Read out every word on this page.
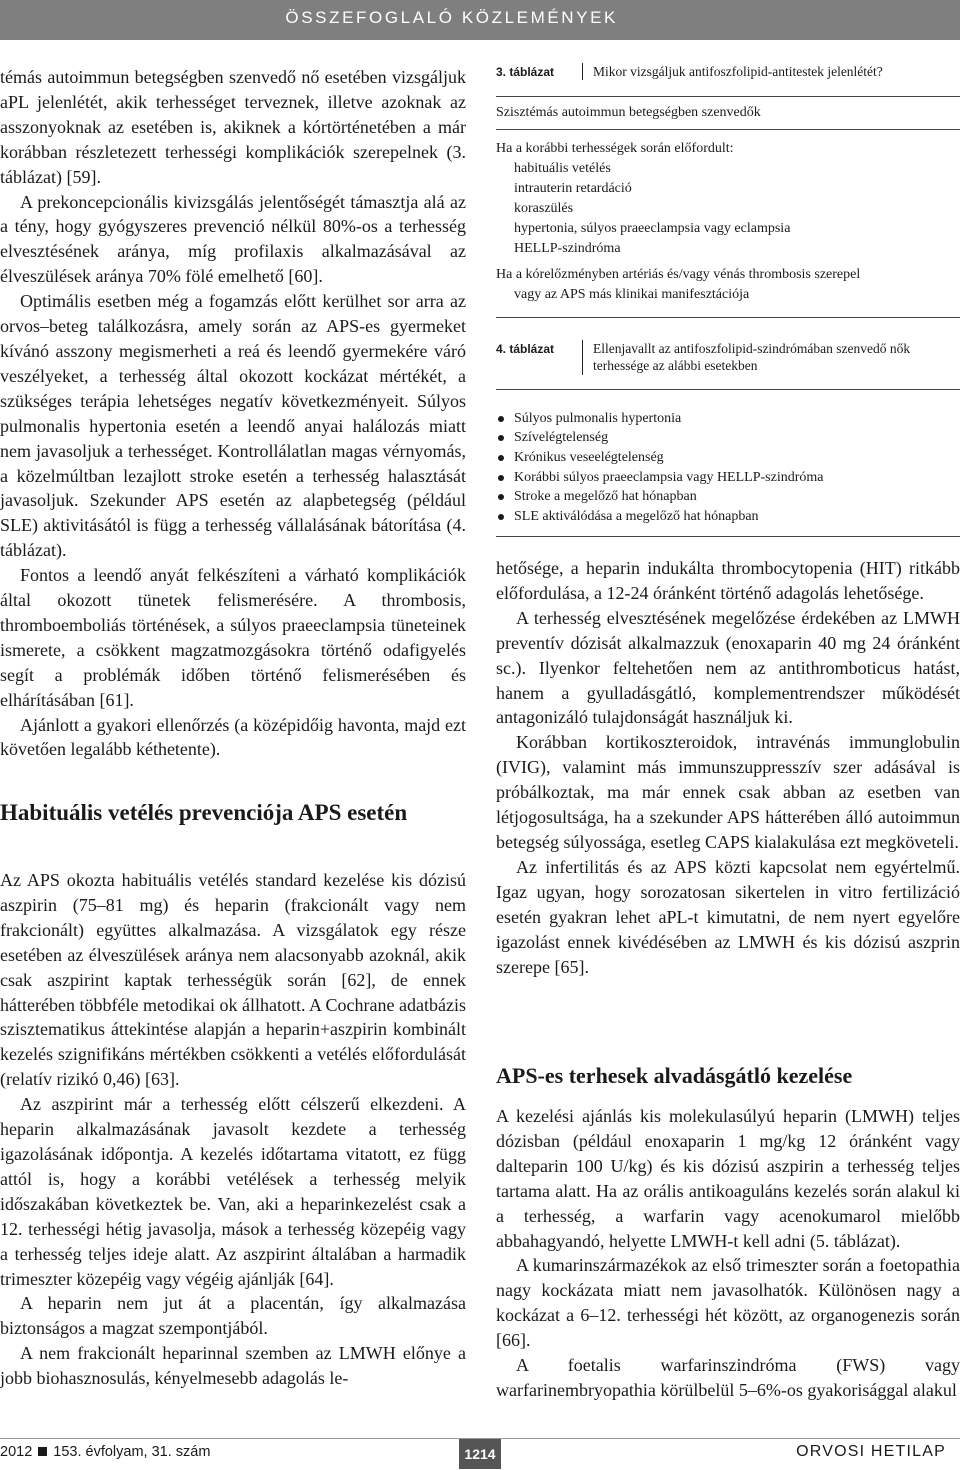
ÖSSZEFOGLALÓ KÖZLEMÉNYEK

témás autoimmun betegségben szenvedő nő esetében vizsgáljuk aPL jelenlétét, akik terhességet terveznek, illetve azoknak az asszonyoknak az esetében is, akiknek a kórtörténetében a már korábban részletezett terhességi komplikációk szerepelnek (3. táblázat) [59].

A prekoncepcionális kivizsgálás jelentőségét támasztja alá az a tény, hogy gyógyszeres prevenció nélkül 80%-os a terhesség elvesztésének aránya, míg profilaxis alkalmazásával az élveszülések aránya 70% fölé emelhető [60].

Optimális esetben még a fogamzás előtt kerülhet sor arra az orvos–beteg találkozásra, amely során az APS-es gyermeket kívánó asszony megismerheti a reá és leendő gyermekére váró veszélyeket, a terhesség által okozott kockázat mértékét, a szükséges terápia lehetséges negatív következményeit. Súlyos pulmonalis hypertonia esetén a leendő anyai halálozás miatt nem javasoljuk a terhességet. Kontrollálatlan magas vérnyomás, a közelmúltban lezajlott stroke esetén a terhesség halasztását javasoljuk. Szekunder APS esetén az alapbetegség (például SLE) aktivitásától is függ a terhesség vállalásának bátorítása (4. táblázat).

Fontos a leendő anyát felkészíteni a várható komplikációk által okozott tünetek felismerésére. A thrombosis, thromboemboliás történések, a súlyos praeeclampsia tüneteinek ismerete, a csökkent magzatmozgásokra történő odafigyelés segít a problémák időben történő felismerésében és elhárításában [61].

Ajánlott a gyakori ellenőrzés (a középidőig havonta, majd ezt követően legalább kéthetente).

Habituális vetélés prevenciója APS esetén

Az APS okozta habituális vetélés standard kezelése kis dózisú aszpirin (75–81 mg) és heparin (frakcionált vagy nem frakcionált) együttes alkalmazása. A vizsgálatok egy része esetében az élveszülések aránya nem alacsonyabb azoknál, akik csak aszpirint kaptak terhességük során [62], de ennek hátterében többféle metodikai ok állhatott. A Cochrane adatbázis szisztematikus áttekintése alapján a heparin+aszpirin kombinált kezelés szignifikáns mértékben csökkenti a vetélés előfordulását (relatív rizikó 0,46) [63].

Az aszpirint már a terhesség előtt célszerű elkezdeni. A heparin alkalmazásának javasolt kezdete a terhesség igazolásának időpontja. A kezelés időtartama vitatott, ez függ attól is, hogy a korábbi vetélések a terhesség melyik időszakában következtek be. Van, aki a heparinkezelést csak a 12. terhességi hétig javasolja, mások a terhesség közepéig vagy a terhesség teljes ideje alatt. Az aszpirint általában a harmadik trimeszter közepéig vagy végéig ajánlják [64].

A heparin nem jut át a placentán, így alkalmazása biztonságos a magzat szempontjából.

A nem frakcionált heparinnal szemben az LMWH előnye a jobb biohasznosulás, kényelmesebb adagolás le-

3. táblázat	Mikor vizsgáljuk antifoszfolipid-antitestek jelenlétét?

Szisztémás autoimmun betegségben szenvedők

Ha a korábbi terhességek során előfordult:

habituális vetélés

intrauterin retardáció

koraszülés

hypertonia, súlyos praeeclampsia vagy eclampsia

HELLP-szindróma

Ha a kórelőzményben artériás és/vagy vénás thrombosis szerepel

vagy az APS más klinikai manifesztációja

4. táblázat	Ellenjavallt az antifoszfolipid-szindrómában szenvedő nők terhessége az alábbi esetekben
Súlyos pulmonalis hypertonia
Szívelégtelenség
Krónikus veseelégtelenség
Korábbi súlyos praeeclampsia vagy HELLP-szindróma
Stroke a megelőző hat hónapban
SLE aktiválódása a megelőző hat hónapban

hetősége, a heparin indukálta thrombocytopenia (HIT) ritkább előfordulása, a 12-24 óránként történő adagolás lehetősége.

A terhesség elvesztésének megelőzése érdekében az LMWH preventív dózisát alkalmazzuk (enoxaparin 40 mg 24 óránként sc.). Ilyenkor feltehetően nem az antithromboticus hatást, hanem a gyulladásgátló, komplementrendszer működését antagonizáló tulajdonságát használjuk ki.

Korábban kortikoszteroidok, intravénás immunglobulin (IVIG), valamint más immunszuppresszív szer adásával is próbálkoztak, ma már ennek csak abban az esetben van létjogosultsága, ha a szekunder APS hátterében álló autoimmun betegség súlyossága, esetleg CAPS kialakulása ezt megköveteli.

Az infertilitás és az APS közti kapcsolat nem egyértelmű. Igaz ugyan, hogy sorozatosan sikertelen in vitro fertilizáció esetén gyakran lehet aPL-t kimutatni, de nem nyert egyelőre igazolást ennek kivédésében az LMWH és kis dózisú aszprin szerepe [65].

APS-es terhesek alvadásgátló kezelése

A kezelési ajánlás kis molekulasúlyú heparin (LMWH) teljes dózisban (például enoxaparin 1 mg/kg 12 óránként vagy dalteparin 100 U/kg) és kis dózisú aszpirin a terhesség teljes tartama alatt. Ha az orális antikoaguláns kezelés során alakul ki a terhesség, a warfarin vagy acenokumarol mielőbb abbahagyandó, helyette LMWH-t kell adni (5. táblázat).

A kumarinszármazékok az első trimeszter során a foetopathia nagy kockázata miatt nem javasolhatók. Különösen nagy a kockázat a 6–12. terhességi hét között, az organogenezis során [66].

A foetalis warfarinszindróma (FWS) vagy warfarinembryopathia körülbelül 5–6%-os gyakorisággal alakul

2012 153. évfolyam, 31. szám	1214	ORVOSI HETILAP
